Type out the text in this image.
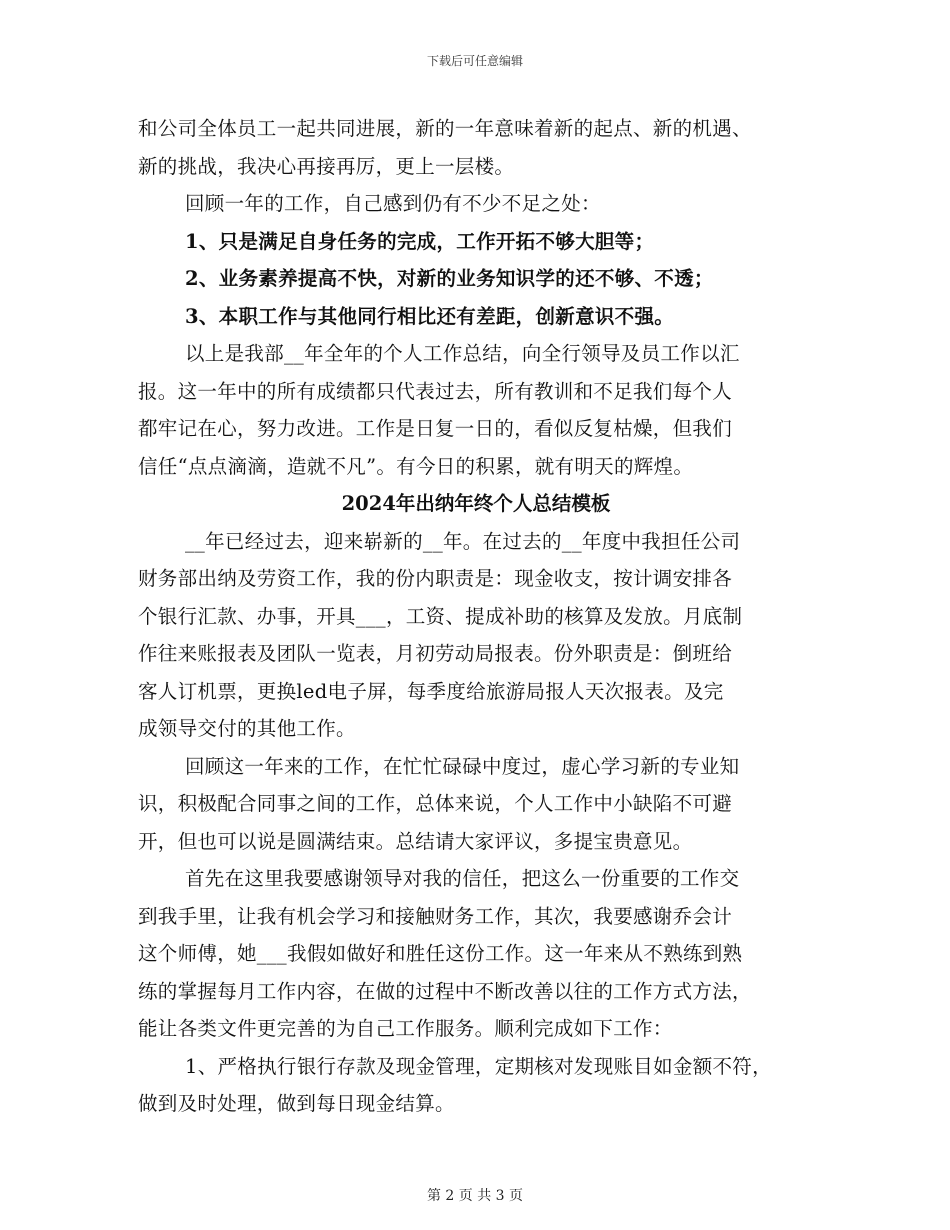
下载后可任意编辑
和公司全体员工一起共同进展，新的一年意味着新的起点、新的机遇、
新的挑战，我决心再接再厉，更上一层楼。
回顾一年的工作，自己感到仍有不少不足之处：
1、只是满足自身任务的完成，工作开拓不够大胆等；
2、业务素养提高不快，对新的业务知识学的还不够、不透；
3、本职工作与其他同行相比还有差距，创新意识不强。
以上是我部__年全年的个人工作总结，向全行领导及员工作以汇
报。这一年中的所有成绩都只代表过去，所有教训和不足我们每个人
都牢记在心，努力改进。工作是日复一日的，看似反复枯燥，但我们
信任“点点滴滴，造就不凡”。有今日的积累，就有明天的辉煌。
2024年出纳年终个人总结模板
__年已经过去，迎来崭新的__年。在过去的__年度中我担任公司
财务部出纳及劳资工作，我的份内职责是：现金收支，按计调安排各
个银行汇款、办事，开具___，工资、提成补助的核算及发放。月底制
作往来账报表及团队一览表，月初劳动局报表。份外职责是：倒班给
客人订机票，更换led电子屏，每季度给旅游局报人天次报表。及完
成领导交付的其他工作。
回顾这一年来的工作，在忙忙碌碌中度过，虚心学习新的专业知
识，积极配合同事之间的工作，总体来说，个人工作中小缺陷不可避
开，但也可以说是圆满结束。总结请大家评议，多提宝贵意见。
首先在这里我要感谢领导对我的信任，把这么一份重要的工作交
到我手里，让我有机会学习和接触财务工作，其次，我要感谢乔会计
这个师傅，她___我假如做好和胜任这份工作。这一年来从不熟练到熟
练的掌握每月工作内容，在做的过程中不断改善以往的工作方式方法，
能让各类文件更完善的为自己工作服务。顺利完成如下工作：
1、严格执行银行存款及现金管理，定期核对发现账目如金额不符，
做到及时处理，做到每日现金结算。
第 2 页 共 3 页
